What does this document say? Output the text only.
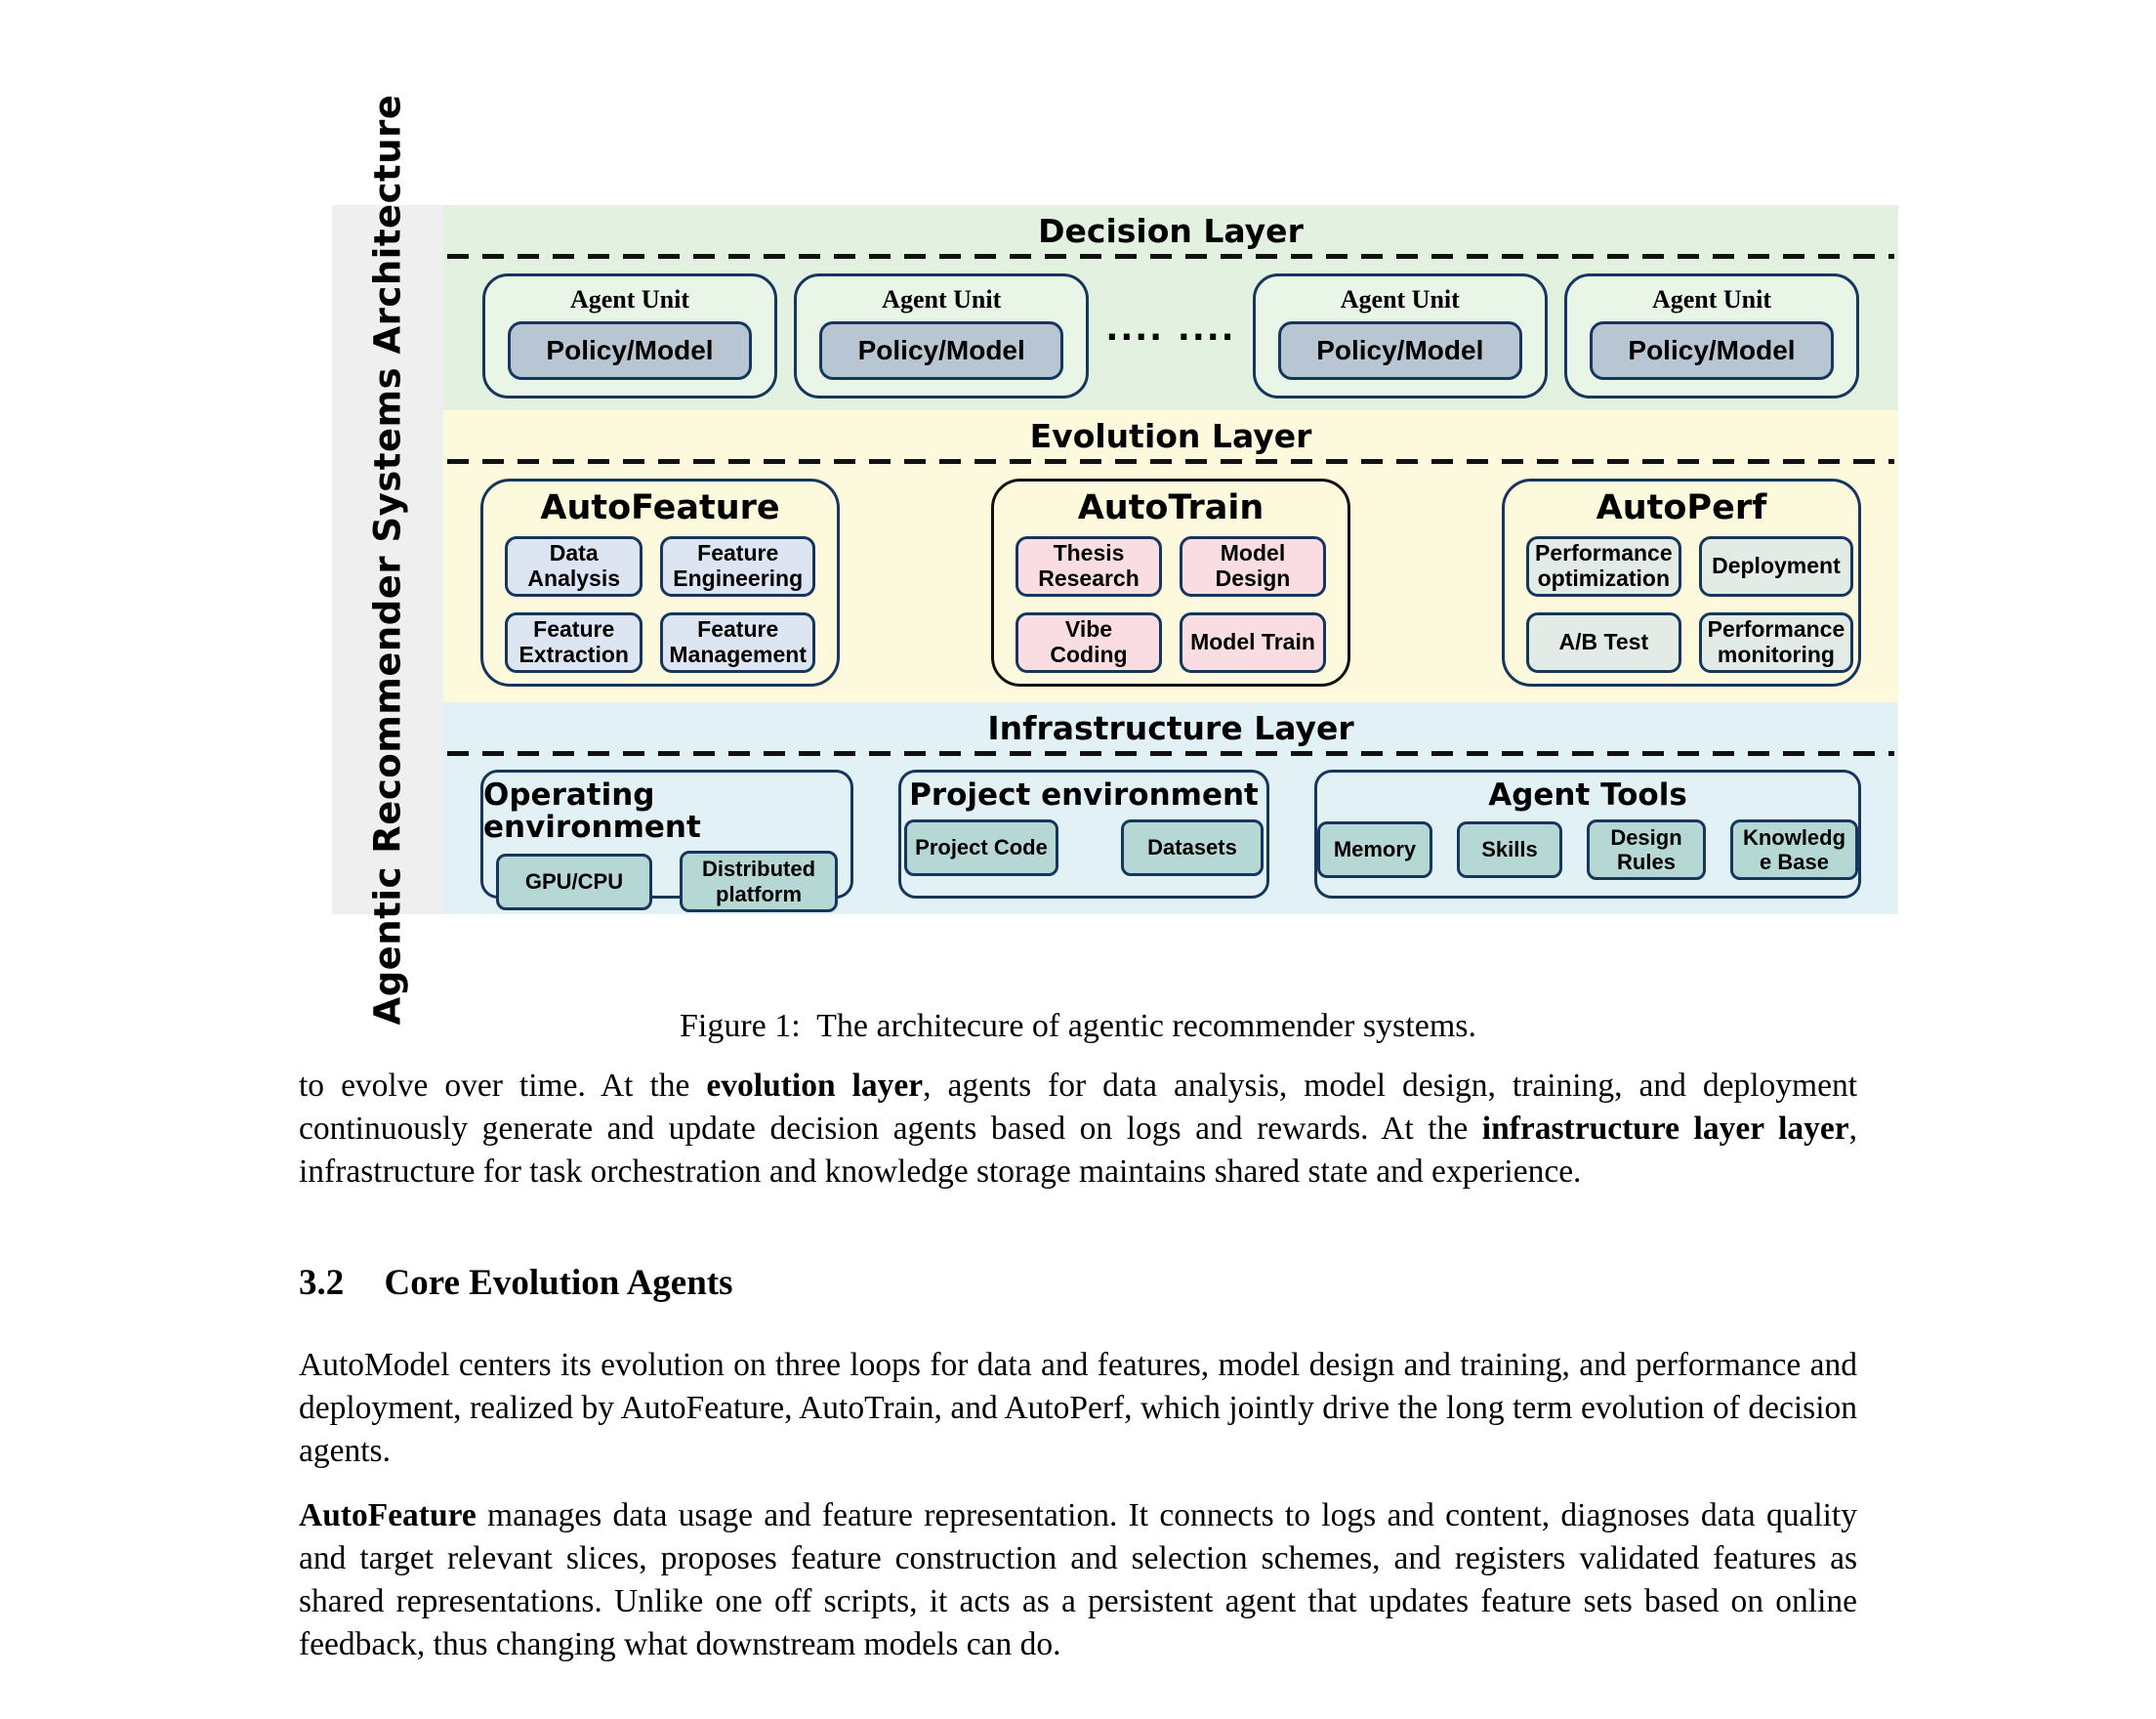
Agentic Recommender Systems Architecture	Decision Layer
Agent Unit
Policy/Model
Agent Unit
Policy/Model
.... ....
Agent Unit
Policy/Model
Agent Unit
Policy/Model
Evolution Layer
AutoFeature
Data Analysis
Feature Engineering
Feature Extraction
Feature Management
AutoTrain
Thesis Research
Model Design
Vibe Coding	Model Train
AutoPerf
Performance optimization	Deployment
A/B Test	Performance monitoring
Infrastructure Layer
Operating environment
GPU/CPU
Distributed platform
Project environment
Project Code	Datasets
Agent Tools
Memory	Skills
Design Rules
Knowledge Base
Figure 1:  The architecure of agentic recommender systems.

to evolve over time. At the evolution layer, agents for data analysis, model design, training, and deployment continuously generate and update decision agents based on logs and rewards. At the infrastructure layer layer, infrastructure for task orchestration and knowledge storage maintains shared state and experience.

3.2 Core Evolution Agents

AutoModel centers its evolution on three loops for data and features, model design and training, and performance and deployment, realized by AutoFeature, AutoTrain, and AutoPerf, which jointly drive the long term evolution of decision agents.

AutoFeature manages data usage and feature representation. It connects to logs and content, diagnoses data quality and target relevant slices, proposes feature construction and selection schemes, and registers validated features as shared representations. Unlike one off scripts, it acts as a persistent agent that updates feature sets based on online feedback, thus changing what downstream models can do.
